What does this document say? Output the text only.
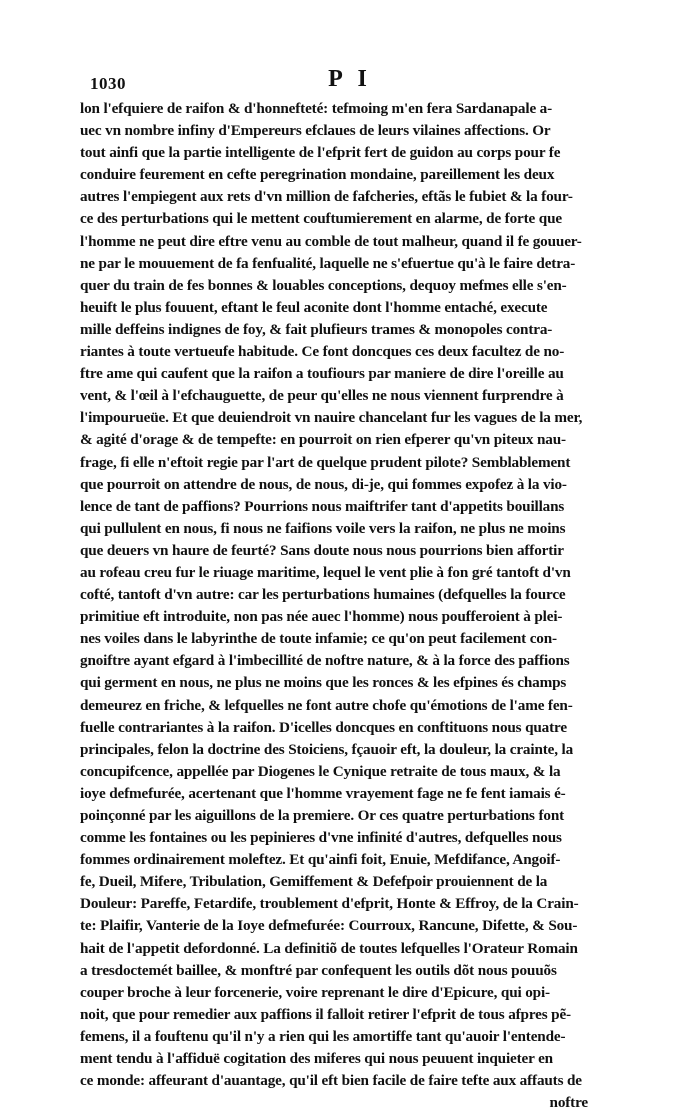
1030	P I
lon l'efquiere de raifon & d'honnefteté: tefmoing m'en fera Sardanapale a-
uec vn nombre infiny d'Empereurs efclaues de leurs vilaines affections. Or
tout ainfi que la partie intelligente de l'efprit fert de guidon au corps pour fe
conduire feurement en cefte peregrination mondaine, pareillement les deux
autres l'empiegent aux rets d'vn million de fafcheries, eftãs le fubiet & la four-
ce des perturbations qui le mettent couftumierement en alarme, de forte que
l'homme ne peut dire eftre venu au comble de tout malheur, quand il fe gouuer-
ne par le mouuement de fa fenfualité, laquelle ne s'efuertue qu'à le faire detra-
quer du train de fes bonnes & louables conceptions, dequoy mefmes elle s'en-
heuift le plus fouuent, eftant le feul aconite dont l'homme entaché, execute
mille deffeins indignes de foy, & fait plufieurs trames & monopoles contra-
riantes à toute vertueufe habitude. Ce font doncques ces deux facultez de no-
ftre ame qui caufent que la raifon a toufiours par maniere de dire l'oreille au
vent, & l'œil à l'efchauguette, de peur qu'elles ne nous viennent furprendre à
l'impourueüe. Et que deuiendroit vn nauire chancelant fur les vagues de la mer,
& agité d'orage & de tempefte: en pourroit on rien efperer qu'vn piteux nau-
frage, fi elle n'eftoit regie par l'art de quelque prudent pilote? Semblablement
que pourroit on attendre de nous, de nous, di-je, qui fommes expofez à la vio-
lence de tant de paffions? Pourrions nous maiftrifer tant d'appetits bouillans
qui pullulent en nous, fi nous ne faifions voile vers la raifon, ne plus ne moins
que deuers vn haure de feurté? Sans doute nous nous pourrions bien affortir
au rofeau creu fur le riuage maritime, lequel le vent plie à fon gré tantoft d'vn
cofté, tantoft d'vn autre: car les perturbations humaines (defquelles la fource
primitiue eft introduite, non pas née auec l'homme) nous poufferoient à plei-
nes voiles dans le labyrinthe de toute infamie; ce qu'on peut facilement con-
gnoiftre ayant efgard à l'imbecillité de noftre nature, & à la force des paffions
qui germent en nous, ne plus ne moins que les ronces & les efpines és champs
demeurez en friche, & lefquelles ne font autre chofe qu'émotions de l'ame fen-
fuelle contrariantes à la raifon. D'icelles doncques en conftituons nous quatre
principales, felon la doctrine des Stoiciens, fçauoir eft, la douleur, la crainte, la
concupifcence, appellée par Diogenes le Cynique retraite de tous maux, & la
ioye defmefurée, acertenant que l'homme vrayement fage ne fe fent iamais é-
poinçonné par les aiguillons de la premiere. Or ces quatre perturbations font
comme les fontaines ou les pepinieres d'vne infinité d'autres, defquelles nous
fommes ordinairement moleftez. Et qu'ainfi foit, Enuie, Mefdifance, Angoif-
fe, Dueil, Mifere, Tribulation, Gemiffement & Defefpoir prouiennent de la
Douleur: Pareffe, Fetardife, troublement d'efprit, Honte & Effroy, de la Crain-
te: Plaifir, Vanterie de la Ioye defmefurée: Courroux, Rancune, Difette, & Sou-
hait de l'appetit defordonné. La definitiõ de toutes lefquelles l'Orateur Romain
a tresdoctemét baillee, & monftré par confequent les outils dõt nous pouuõs
couper broche à leur forcenerie, voire reprenant le dire d'Epicure, qui opi-
noit, que pour remedier aux paffions il falloit retirer l'efprit de tous afpres pẽ-
femens, il a fouftenu qu'il n'y a rien qui les amortiffe tant qu'auoir l'entende-
ment tendu à l'affiduë cogitation des miferes qui nous peuuent inquieter en
ce monde: affeurant d'auantage, qu'il eft bien facile de faire tefte aux affauts de
noftre
